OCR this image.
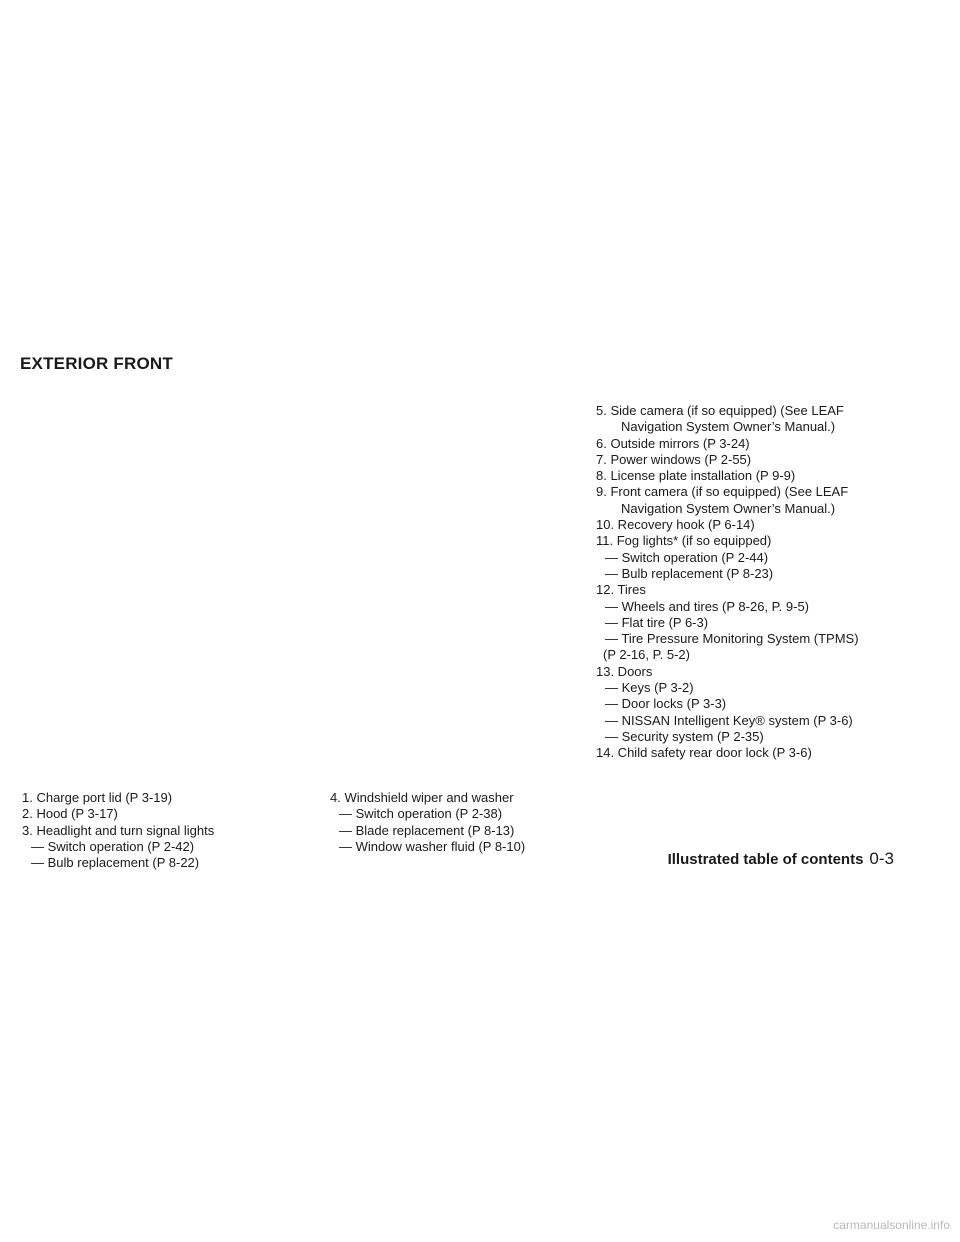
EXTERIOR FRONT
1. Charge port lid (P 3-19)
2. Hood (P 3-17)
3. Headlight and turn signal lights
— Switch operation (P 2-42)
— Bulb replacement (P 8-22)
4. Windshield wiper and washer
— Switch operation (P 2-38)
— Blade replacement (P 8-13)
— Window washer fluid (P 8-10)
5. Side camera (if so equipped) (See LEAF
Navigation System Owner’s Manual.)
6. Outside mirrors (P 3-24)
7. Power windows (P 2-55)
8. License plate installation (P 9-9)
9. Front camera (if so equipped) (See LEAF
Navigation System Owner’s Manual.)
10. Recovery hook (P 6-14)
11. Fog lights* (if so equipped)
— Switch operation (P 2-44)
— Bulb replacement (P 8-23)
12. Tires
— Wheels and tires (P 8-26, P. 9-5)
— Flat tire (P 6-3)
— Tire Pressure Monitoring System (TPMS)
(P 2-16, P. 5-2)
13. Doors
— Keys (P 3-2)
— Door locks (P 3-3)
— NISSAN Intelligent Key® system (P 3-6)
— Security system (P 2-35)
14. Child safety rear door lock (P 3-6)
Illustrated table of contents 0-3
carmanualsonline.info
